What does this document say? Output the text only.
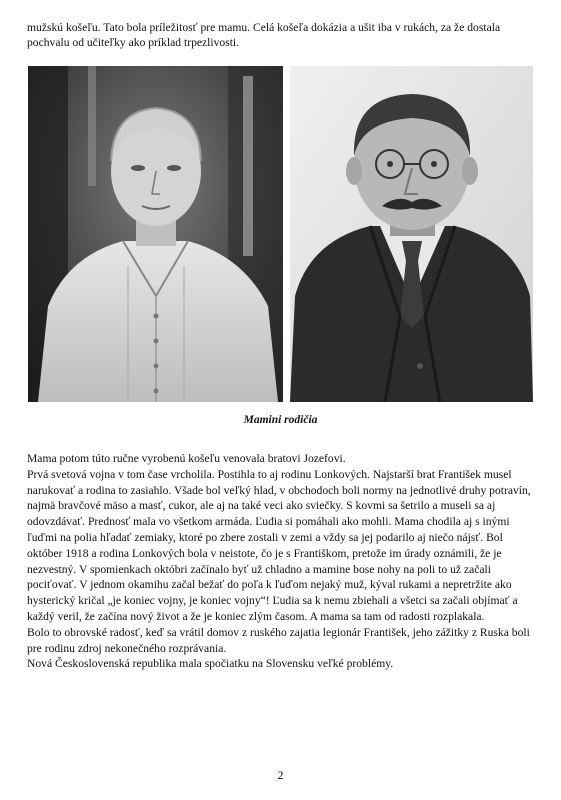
mužskú košeľu. Tato bola príležitosť pre mamu. Celá košeľa dokázia a ušit iba v rukách, za že dostala pochvalu od učiteľky ako príklad trpezlivosti.
Mamini rodičia

Mama potom túto ručne vyrobenú košeľu venovala bratovi Jozefovi.

Prvá svetová vojna v tom čase vrcholila. Postihla to aj rodinu Lonkových. Najstarší brat František musel narukovať a rodina to zasiahlo. Všade bol veľký hlad, v obchodoch boli normy na jednotlivé druhy potravín, najmä bravčové mäso a masť, cukor, ale aj na také veci ako sviečky. S kovmi sa šetrilo a museli sa aj odovzdávať. Prednosť mala vo všetkom armáda. Ľudia si pomáhali ako mohli. Mama chodila aj s inými ľuďmi na polia hľadať zemiaky, ktoré po zbere zostali v zemi a vždy sa jej podarilo aj niečo nájsť. Bol október 1918 a rodina Lonkových bola v neistote, čo je s Františkom, pretože im úrady oznámili, že je nezvestný. V spomienkach októbri začínalo byť už chladno a mamine bose nohy na poli to už začali pociťovať. V jednom okamihu začal bežať do poľa k ľuďom nejaký muž, kýval rukami a nepretržite ako hysterický kričal „je koniec vojny, je koniec vojny“! Ľudia sa k nemu zbiehali a všetci sa začali objímať a každý veril, že začína nový život a že je koniec zlým časom. A mama sa tam od radosti rozplakala.

Bolo to obrovské radosť, keď sa vrátil domov z ruského zajatia legionár František, jeho zážitky z Ruska boli pre rodinu zdroj nekonečného rozprávania.

Nová Československá republika mala spočiatku na Slovensku veľké problémy.

2
